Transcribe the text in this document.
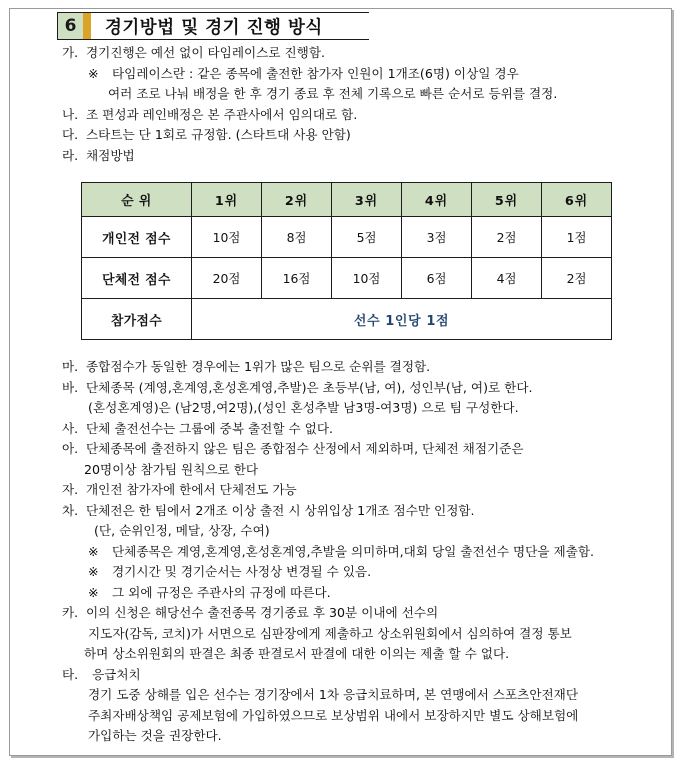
6	경기방법 및 경기 진행 방식
가. 경기진행은 예선 없이 타임레이스로 진행함.
※	타임레이스란 : 같은 종목에 출전한 참가자 인원이 1개조(6명) 이상일 경우
여러 조로 나눠 배정을 한 후 경기 종료 후 전체 기록으로 빠른 순서로 등위를 결정.
나. 조 편성과 레인배정은 본 주관사에서 임의대로 함.
다. 스타트는 단 1회로 규정함. (스타트대 사용 안함)
라. 채점방법
순 위	1위	2위	3위	4위	5위	6위
개인전 점수	10점	8점	5점	3점	2점	1점
단체전 점수	20점	16점	10점	6점	4점	2점
참가점수	선수 1인당 1점					
마. 종합점수가 동일한 경우에는 1위가 많은 팀으로 순위를 결정함.
바. 단체종목 (계영,혼계영,혼성혼계영,추발)은 초등부(남, 여), 성인부(남, 여)로 한다.
(혼성혼계영)은 (남2명,여2명),(성인 혼성추발 남3명-여3명) 으로 팀 구성한다.
사. 단체 출전선수는 그룹에 중복 출전할 수 없다.
아. 단체종목에 출전하지 않은 팀은 종합점수 산정에서 제외하며, 단체전 채점기준은
20명이상 참가팀 원칙으로 한다
자. 개인전 참가자에 한에서 단체전도 가능
차. 단체전은 한 팀에서 2개조 이상 출전 시 상위입상 1개조 점수만 인정함.
(단, 순위인정, 메달, 상장, 수여)
※	단체종목은 계영,혼계영,혼성혼계영,추발을 의미하며,대회 당일 출전선수 명단을 제출함.
※	경기시간 및 경기순서는 사정상 변경될 수 있음.
※	그 외에 규정은 주관사의 규정에 따른다.
카. 이의 신청은 해당선수 출전종목 경기종료 후 30분 이내에 선수의
지도자(감독, 코치)가 서면으로 심판장에게 제출하고 상소위원회에서 심의하여 결정 통보
하며 상소위원회의 판결은 최종 판결로서 판결에 대한 이의는 제출 할 수 없다.
타.	응급처치
경기 도중 상해를 입은 선수는 경기장에서 1차 응급치료하며, 본 연맹에서 스포츠안전재단
주최자배상책임 공제보험에 가입하였으므로 보상범위 내에서 보장하지만 별도 상해보험에
가입하는 것을 권장한다.
